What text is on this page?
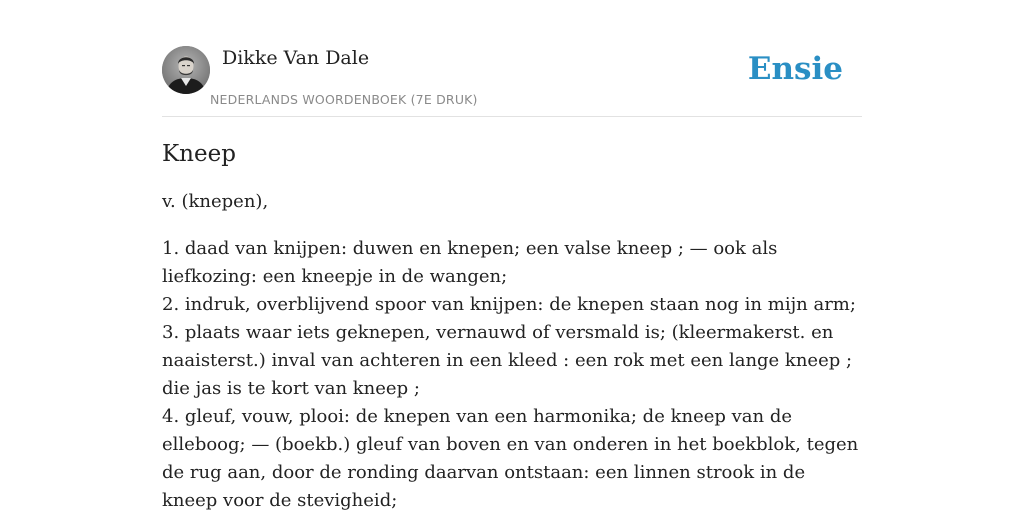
Dikke Van Dale
NEDERLANDS WOORDENBOEK (7E DRUK)
Ensie
Kneep

v. (knepen),

1. daad van knijpen: duwen en knepen; een valse kneep ; — ook als liefkozing: een kneepje in de wangen;
2. indruk, overblijvend spoor van knijpen: de knepen staan nog in mijn arm;
3. plaats waar iets geknepen, vernauwd of versmald is; (kleermakerst. en naaisterst.) inval van achteren in een kleed : een rok met een lange kneep ; die jas is te kort van kneep ;
4. gleuf, vouw, plooi: de knepen van een harmonika; de kneep van de elleboog; — (boekb.) gleuf van boven en van onderen in het boekblok, tegen de rug aan, door de ronding daarvan ontstaan: een linnen strook in de kneep voor de stevigheid;
